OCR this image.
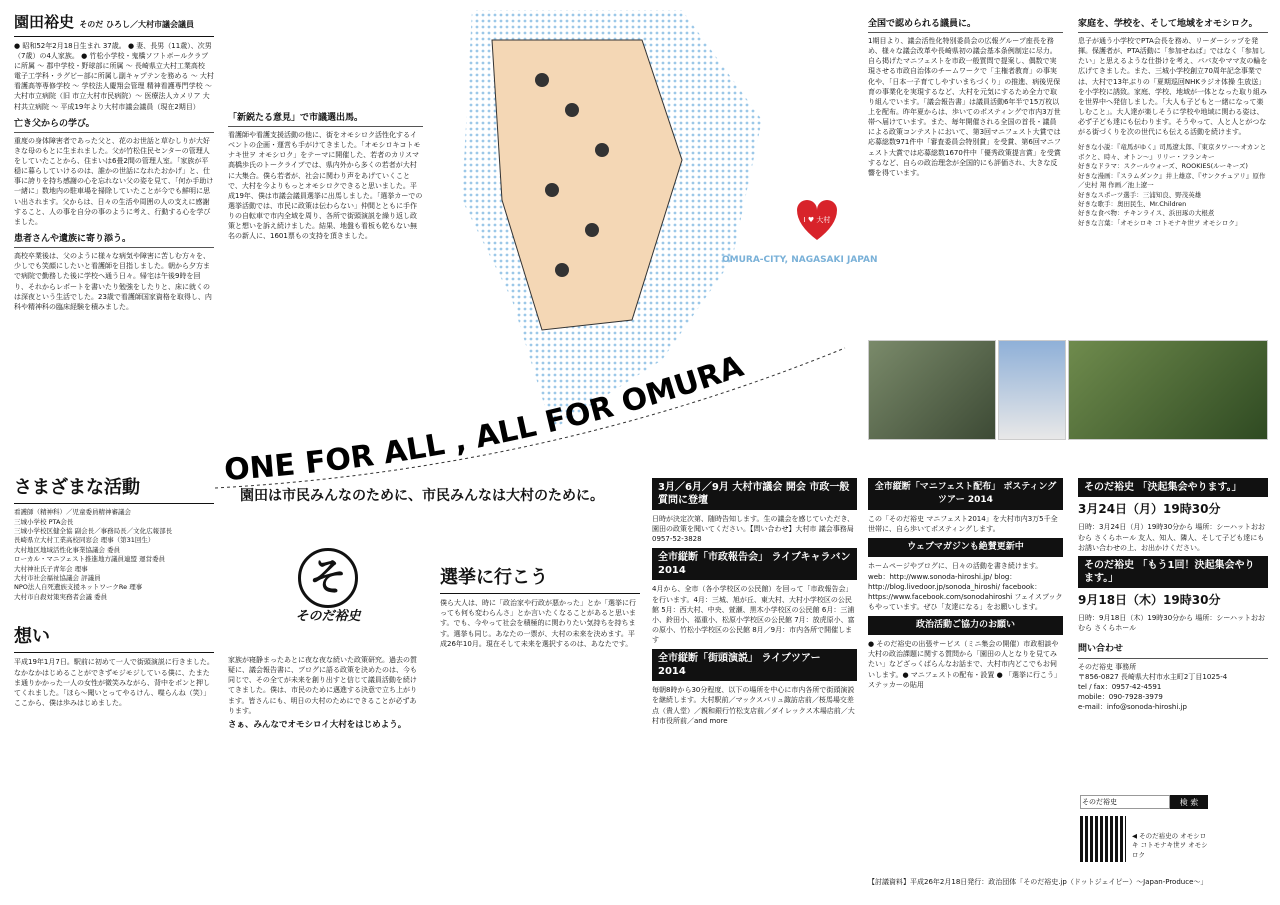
園田裕史 そのだ ひろし／大村市議会議員

● 昭和52年2月18日生まれ 37歳。 ● 妻、長男（11歳）、次男（7歳）の4人家族。 ● 竹松小学校・鬼橋ソフトボールクラブに所属 〜 郡中学校・野球部に所属 〜 長崎県立大村工業高校 電子工学科・ラグビー部に所属し副キャプテンを務める 〜 大村看護高等専修学校 〜 学校法人慶翔会管理 精神看護専門学校 〜 大村市立病院（旧 市立大村市民病院）〜 医療法人カメリア 大村共立病院 〜 平成19年より大村市議会議員（現在2期目）

亡き父からの学び。

重度の身体障害者であった父と、花のお世話と草むしりが大好きな母のもとに生まれました。父が竹松住民センターの管理人をしていたことから、住まいは6畳2間の管理人室。「家族が平穏に暮らしていけるのは、誰かの世話になれたおかげ」と、仕事に誇りを持ち感謝の心を忘れない父の姿を見て、「何か手助け一緒に」数地内の駐車場を掃除していたことが今でも鮮明に思い出されます。父からは、日々の生活や周囲の人の支えに感謝すること、人の事を自分の事のように考え、行動する心を学びました。

患者さんや遺族に寄り添う。

高校卒業後は、父のように様々な病気や障害に苦しむ方々を、少しでも笑顔にしたいと看護師を目指しました。朝から夕方まで病院で勤務した後に学校へ通う日々。帰宅は午後9時を回り、それからレポートを書いたり勉強をしたりと、床に就くのは深夜という生活でした。23歳で看護師国家資格を取得し、内科や精神科の臨床経験を積みました。

「新鋭たる意見」で市議選出馬。

看護師や看護支援活動の他に、街をオモシロク活性化するイベントの企画・運営も手がけてきました。「オモシロキコトモナキ世ヲ オモシロク」をテーマに開催した、若者のカリスマ高橋歩氏のトークライブでは、県内外から多くの若者が大村に大集合。僕ら若者が、社会に関わり声をあげていくことで、大村を今よりもっとオモシロクできると思いました。平成19年、僕は市議会議員選挙に出馬しました。「選挙カーでの選挙活動では、市民に政策は伝わらない」仲間とともに手作りの自転車で市内全域を周り、各所で街頭演説を繰り返し政策と想いを訴え続けました。結果、地盤も看板も乾もない無名の新人に、1601票もの支持を頂きました。

I ♥ 大村
OMURA-CITY, NAGASAKI JAPAN
ONE FOR ALL , ALL FOR OMURA
園田は市民みんなのために、市民みんなは大村のために。
全国で認められる議員に。

1期目より、議会活性化特別委員会の広報グループ座長を務め、様々な議会改革や長崎県初の議会基本条例制定に尽力。自ら掲げたマニフェストを市政一般質問で提案し、偶数で実現させる市政自治体のチームワークで「主権者教育」の事実化や、「日本一子育てしやすいまちづくり」の推進、病後児保育の事業化を実現するなど、大村を元気にするため全力で取り組んでいます。「議会報告書」は議員活動6年半で15万枚以上を配布。昨年夏からは、歩いてのポスティングで市内3万世帯へ届けています。また、毎年開催される全国の首長・議員による政策コンテストにおいて、第3回マニフェスト大賞では応募総数971件中「審査委員会特別賞」を受賞、第6回マニフェスト大賞では応募総数1670件中「優秀政策提言賞」を受賞するなど、自らの政治理念が全国的にも評価され、大きな反響を得ています。

家庭を、学校を、そして地域をオモシロク。

息子が通う小学校でPTA会長を務め、リーダーシップを発揮。保護者が、PTA活動に「参加せねば」ではなく「参加したい」と思えるような仕掛けを考え、パパ友やママ友の輪を広げてきました。また、三城小学校創立70周年記念事業では、大村で13年ぶりの「夏期巡回NHKラジオ体操 生放送」を小学校に誘致。家庭、学校、地域が一体となった取り組みを世界中へ発信しました。「大人も子どもと一緒になって楽しむこと」。大人達が楽しそうに学校や地域に関わる姿は、必ず子ども達にも伝わります。そうやって、人と人とがつながる街づくりを次の世代にも伝える活動を続けます。

好きな小説：『竜馬がゆく』司馬遼太郎、『東京タワー〜オカンとボクと、時々、オトン〜』リリー・フランキー
好きなドラマ：スクールウォーズ、ROOKIES(ルーキーズ)
好きな漫画：『スラムダンク』井上雄彦、『サンクチュアリ』原作／史村 翔 作画／池上遼一
好きなスポーツ選手：三浦知良、野茂英雄
好きな歌手：奥田民生、Mr.Children
好きな食べ物：チキンライス、浜田琢の大根煮
好きな言葉：「オモシロキ コトモナキ世ヲ オモシロク」
さまざまな活動
看護師（精神科）／児童委員精神審議会
三城小学校 PTA会長
三城小学校区健全協 副会長／事務局長／文化広報部長
長崎県立大村工業高校同窓会 理事（第31回生）
大村地区地域活性化事業協議会 委員
ローカル・マニフェスト推進地方議員連盟 運営委員
大村神社氏子青年会 理事
大村市社会福祉協議会 評議員
NPO法人自死遺族支援ネットワークRe 理事
大村市自殺対策実務者会議 委員
想い

平成19年1月7日。駅前に初めて一人で街頭演説に行きました。なかなかはじめることができずモジモジしている僕に、たまたま通りかかった一人の女性が微笑みながら、背中をポンと押してくれました。「ほら〜聞いとってやるけん、喋らんね（笑）」ここから、僕は歩みはじめました。

そ
そのだ裕史

家族が寝静まったあとに夜な夜な続いた政策研究。過去の質疑に、議会報告書に、ブログに語る政策を決めたのは、今も同じで、その全てが未来を創り出すと信じて議員活動を続けてきました。僕は、市民のために邁進する決意で立ち上がります。皆さんにも、明日の大村のためにできることが必ずあります。

さぁ、みんなでオモシロイ大村をはじめよう。

選挙に行こう

僕ら大人は、時に「政治家や行政が悪かった」とか「選挙に行っても何も変わらんさ」とか言いたくなることがあると思います。でも、今やって社会を積極的に関わりたい気持ちを持ちます。選挙も同じ。あなたの一票が、大村の未来を決めます。平成26年10月。現在そして未来を選択するのは、あなたです。

3月／6月／9月 大村市議会 開会 市政一般質問に登壇

日時が決定次第、随時告知します。生の議会を感じていただき、園田の政策を聞いてください。【問い合わせ】大村市 議会事務局 0957-52-3828

全市縦断「市政報告会」 ライブキャラバン 2014

4月から、全市（各小学校区の公民館）を回って「市政報告会」を行います。4月：三城、旭が丘、東大村、大村小学校区の公民館 5月：西大村、中央、萱瀬、黒木小学校区の公民館 6月：三浦小、鈴田小、福重小、松原小学校区の公民館 7月：放虎原小、富の原小、竹松小学校区の公民館 8月／9月：市内各所で開催します

全市縦断「街頭演説」 ライブツアー 2014

毎朝8時から30分程度、以下の場所を中心に市内各所で街頭演説を継続します。大村駅前／マックスバリュ諏訪店前／桜馬場交差点（貴人堂）／親和銀行竹松支店前／ダイレックス木場店前／大村市役所前／and more

全市縦断「マニフェスト配布」 ポスティングツアー 2014

この「そのだ裕史 マニフェスト2014」を大村市内3万5千全世帯に、自ら歩いてポスティングします。

ウェブマガジンも絶賛更新中

ホームページやブログに、日々の活動を書き続けます。web：http://www.sonoda-hiroshi.jp/ blog：http://blog.livedoor.jp/sonoda_hiroshi/ facebook：https://www.facebook.com/sonodahiroshi フェイスブックもやっています。ぜひ「友達になる」をお願いします。

政治活動ご協力のお願い

● そのだ裕史の出張サービス（ミニ集会の開催）市政相談や大村の政治課題に関する質問から「園田の人となりを見てみたい」などざっくばらんなお話まで、大村市内どこでもお伺いします。● マニフェストの配布・設置 ● 「選挙に行こう」ステッカーの貼用

そのだ裕史 「決起集会やります。」
3月24日（月）19時30分

日時：3月24日（月）19時30分から 場所：シーハットおおむら さくらホール 友人、知人、隣人、そして子ども達にもお誘い合わせの上、お出かけください。

そのだ裕史 「もう1回！決起集会やります。」
9月18日（木）19時30分

日時：9月18日（木）19時30分から 場所：シーハットおおむら さくらホール

問い合わせ
そのだ裕史 事務所
〒856-0827 長崎県大村市水主町2丁目1025-4
tel / fax：0957-42-4591
mobile：090-7928-3979
e-mail：info@sonoda-hiroshi.jp
そのだ裕史
検 索
◀ そのだ裕史の オモシロキ コトモナキ世ヲ オモシロク
【討議資料】平成26年2月18日発行：政治団体「そのだ裕史.jp（ドットジェイピー）〜Japan-Produce〜」
